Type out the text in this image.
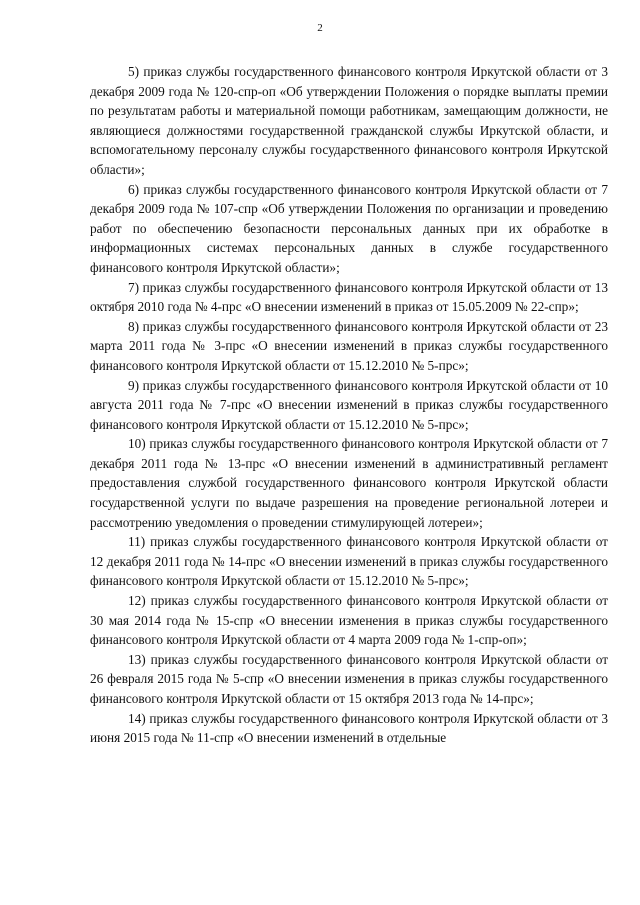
2

5) приказ службы государственного финансового контроля Иркутской области от 3 декабря 2009 года № 120-спр-оп «Об утверждении Положения о порядке выплаты премии по результатам работы и материальной помощи работникам, замещающим должности, не являющиеся должностями государственной гражданской службы Иркутской области, и вспомогательному персоналу службы государственного финансового контроля Иркутской области»;

6) приказ службы государственного финансового контроля Иркутской области от 7 декабря 2009 года № 107-спр «Об утверждении Положения по организации и проведению работ по обеспечению безопасности персональных данных при их обработке в информационных системах персональных данных в службе государственного финансового контроля Иркутской области»;

7) приказ службы государственного финансового контроля Иркутской области от 13 октября 2010 года № 4-прс «О внесении изменений в приказ от 15.05.2009 № 22-спр»;

8) приказ службы государственного финансового контроля Иркутской области от 23 марта 2011 года № 3-прс «О внесении изменений в приказ службы государственного финансового контроля Иркутской области от 15.12.2010 № 5-прс»;

9) приказ службы государственного финансового контроля Иркутской области от 10 августа 2011 года № 7-прс «О внесении изменений в приказ службы государственного финансового контроля Иркутской области от 15.12.2010 № 5-прс»;

10) приказ службы государственного финансового контроля Иркутской области от 7 декабря 2011 года № 13-прс «О внесении изменений в административный регламент предоставления службой государственного финансового контроля Иркутской области государственной услуги по выдаче разрешения на проведение региональной лотереи и рассмотрению уведомления о проведении стимулирующей лотереи»;

11) приказ службы государственного финансового контроля Иркутской области от 12 декабря 2011 года № 14-прс «О внесении изменений в приказ службы государственного финансового контроля Иркутской области от 15.12.2010 № 5-прс»;

12) приказ службы государственного финансового контроля Иркутской области от 30 мая 2014 года № 15-спр «О внесении изменения в приказ службы государственного финансового контроля Иркутской области от 4 марта 2009 года № 1-спр-оп»;

13) приказ службы государственного финансового контроля Иркутской области от 26 февраля 2015 года № 5-спр «О внесении изменения в приказ службы государственного финансового контроля Иркутской области от 15 октября 2013 года № 14-прс»;

14) приказ службы государственного финансового контроля Иркутской области от 3 июня 2015 года № 11-спр «О внесении изменений в отдельные
